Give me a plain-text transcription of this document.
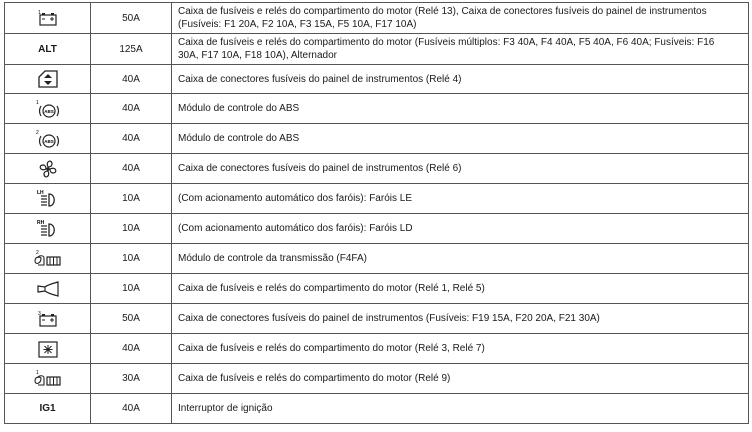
1	50A	Caixa de fusíveis e relés do compartimento do motor (Relé 13), Caixa de conectores fusíveis do painel de instrumentos
(Fusíveis: F1 20A, F2 10A, F3 15A, F5 10A, F17 10A)
ALT	125A	Caixa de fusíveis e relés do compartimento do motor (Fusíveis múltiplos: F3 40A, F4 40A, F5 40A, F6 40A; Fusíveis: F16
30A, F17 10A, F18 10A), Alternador

	40A	Caixa de conectores fusíveis do painel de instrumentos (Relé 4)

1
ABS	40A	Módulo de controle do ABS

2
ABS	40A	Módulo de controle do ABS

	40A	Caixa de conectores fusíveis do painel de instrumentos (Relé 6)

LH	10A	(Com acionamento automático dos faróis): Faróis LE

RH	10A	(Com acionamento automático dos faróis): Faróis LD

2	10A	Módulo de controle da transmissão (F4FA)

	10A	Caixa de fusíveis e relés do compartimento do motor (Relé 1, Relé 5)

3	50A	Caixa de conectores fusíveis do painel de instrumentos (Fusíveis: F19 15A, F20 20A, F21 30A)

	40A	Caixa de fusíveis e relés do compartimento do motor (Relé 3, Relé 7)

1	30A	Caixa de fusíveis e relés do compartimento do motor (Relé 9)
IG1	40A	Interruptor de ignição
